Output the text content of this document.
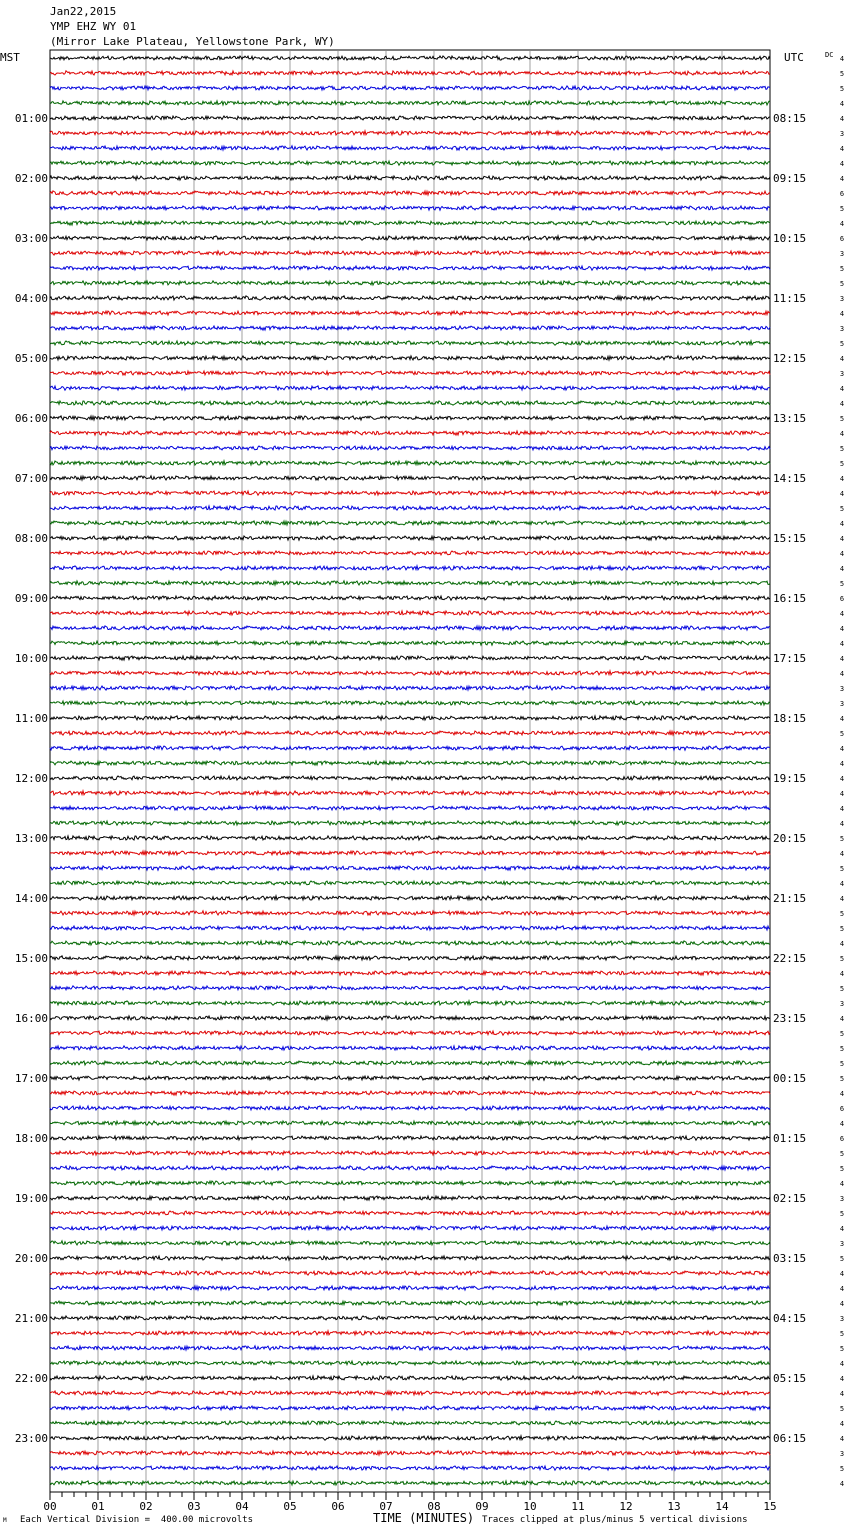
Jan22,2015
YMP EHZ WY 01
(Mirror Lake Plateau, Yellowstone Park, WY)
4
5
5
4
4
3
4
4
4
6
5
4
6
3
5
5
3
4
3
5
4
3
4
4
5
4
5
5
4
4
5
4
4
4
4
5
6
4
4
4
4
4
3
3
4
5
4
4
4
4
4
4
5
4
5
4
4
5
5
4
5
4
5
3
4
5
5
5
5
4
6
4
6
5
5
4
3
5
4
3
5
4
4
4
3
5
5
4
4
4
5
4
4
3
5
4
MST	UTC	DC
01:00
02:00
03:00
04:00
05:00
06:00
07:00
08:00
09:00
10:00
11:00
12:00
13:00
14:00
15:00
16:00
17:00
18:00
19:00
20:00
21:00
22:00
23:00
08:15
09:15
10:15
11:15
12:15
13:15
14:15
15:15
16:15
17:15
18:15
19:15
20:15
21:15
22:15
23:15
00:15
01:15
02:15
03:15
04:15
05:15
06:15
00	01	02	03	04	05	06	07	08	09	10	11	12	13	14	15
M Each Vertical Division =  400.00 microvolts	TIME (MINUTES) Traces clipped at plus/minus 5 vertical divisions
